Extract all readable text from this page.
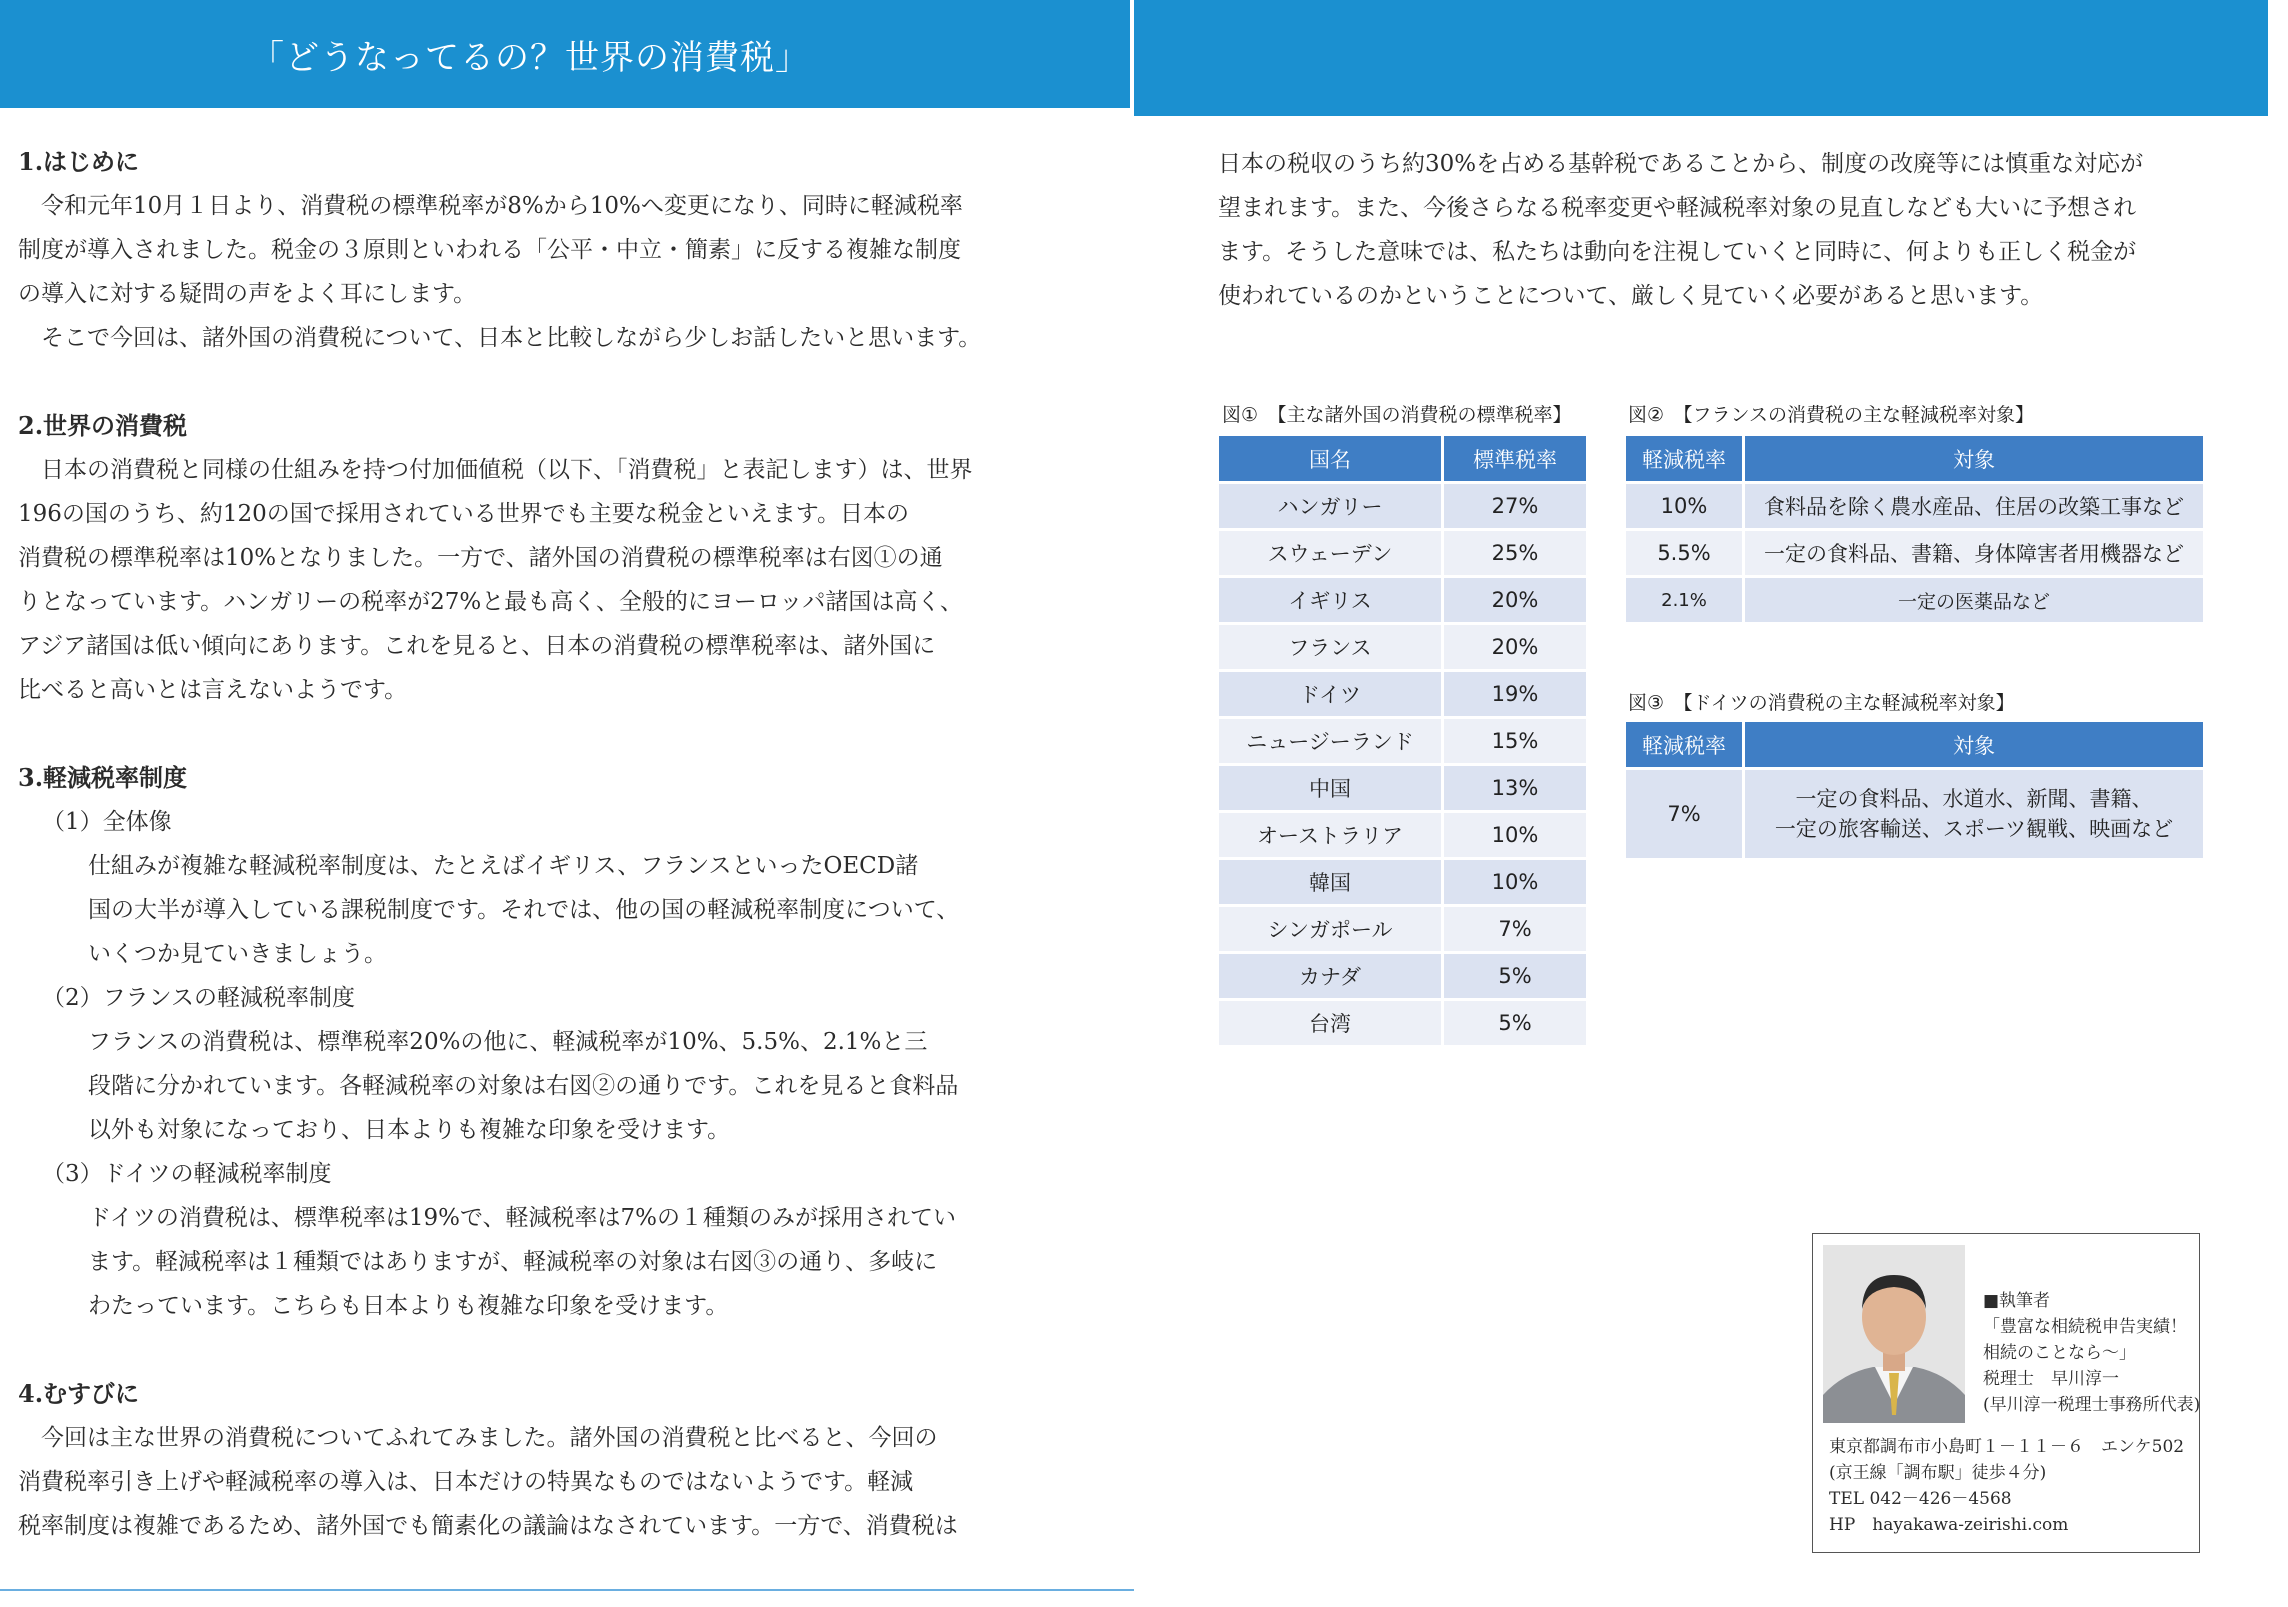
「どうなってるの？世界の消費税」
1.はじめに
　令和元年10月１日より、消費税の標準税率が8%から10%へ変更になり、同時に軽減税率
制度が導入されました。税金の３原則といわれる「公平・中立・簡素」に反する複雑な制度
の導入に対する疑問の声をよく耳にします。
　そこで今回は、諸外国の消費税について、日本と比較しながら少しお話したいと思います。
2.世界の消費税
　日本の消費税と同様の仕組みを持つ付加価値税（以下、「消費税」と表記します）は、世界
196の国のうち、約120の国で採用されている世界でも主要な税金といえます。日本の
消費税の標準税率は10%となりました。一方で、諸外国の消費税の標準税率は右図①の通
りとなっています。ハンガリーの税率が27%と最も高く、全般的にヨーロッパ諸国は高く、
アジア諸国は低い傾向にあります。これを見ると、日本の消費税の標準税率は、諸外国に
比べると高いとは言えないようです。
3.軽減税率制度
（1）全体像
仕組みが複雑な軽減税率制度は、たとえばイギリス、フランスといったOECD諸
国の大半が導入している課税制度です。それでは、他の国の軽減税率制度について、
いくつか見ていきましょう。
（2）フランスの軽減税率制度
フランスの消費税は、標準税率20%の他に、軽減税率が10%、5.5%、2.1%と三
段階に分かれています。各軽減税率の対象は右図②の通りです。これを見ると食料品
以外も対象になっており、日本よりも複雑な印象を受けます。
（3）ドイツの軽減税率制度
ドイツの消費税は、標準税率は19%で、軽減税率は7%の１種類のみが採用されてい
ます。軽減税率は１種類ではありますが、軽減税率の対象は右図③の通り、多岐に
わたっています。こちらも日本よりも複雑な印象を受けます。
4.むすびに
　今回は主な世界の消費税についてふれてみました。諸外国の消費税と比べると、今回の
消費税率引き上げや軽減税率の導入は、日本だけの特異なものではないようです。軽減
税率制度は複雑であるため、諸外国でも簡素化の議論はなされています。一方で、消費税は
日本の税収のうち約30%を占める基幹税であることから、制度の改廃等には慎重な対応が
望まれます。また、今後さらなる税率変更や軽減税率対象の見直しなども大いに予想され
ます。そうした意味では、私たちは動向を注視していくと同時に、何よりも正しく税金が
使われているのかということについて、厳しく見ていく必要があると思います。
図①　【主な諸外国の消費税の標準税率】
国名	標準税率
ハンガリー	27%
スウェーデン	25%
イギリス	20%
フランス	20%
ドイツ	19%
ニュージーランド	15%
中国	13%
オーストラリア	10%
韓国	10%
シンガポール	7%
カナダ	5%
台湾	5%
図②　【フランスの消費税の主な軽減税率対象】
軽減税率	対象
10%	食料品を除く農水産品、住居の改築工事など
5.5%	一定の食料品、書籍、身体障害者用機器など
2.1%	一定の医薬品など
図③　【ドイツの消費税の主な軽減税率対象】
軽減税率	対象
7%	一定の食料品、水道水、新聞、書籍、
一定の旅客輸送、スポーツ観戦、映画など
■執筆者
「豊富な相続税申告実績！
相続のことなら～」
税理士　早川淳一
(早川淳一税理士事務所代表)
東京都調布市小島町１－１１－６　エンケ502
(京王線「調布駅」徒歩４分)
TEL 042－426－4568
HP　hayakawa-zeirishi.com
